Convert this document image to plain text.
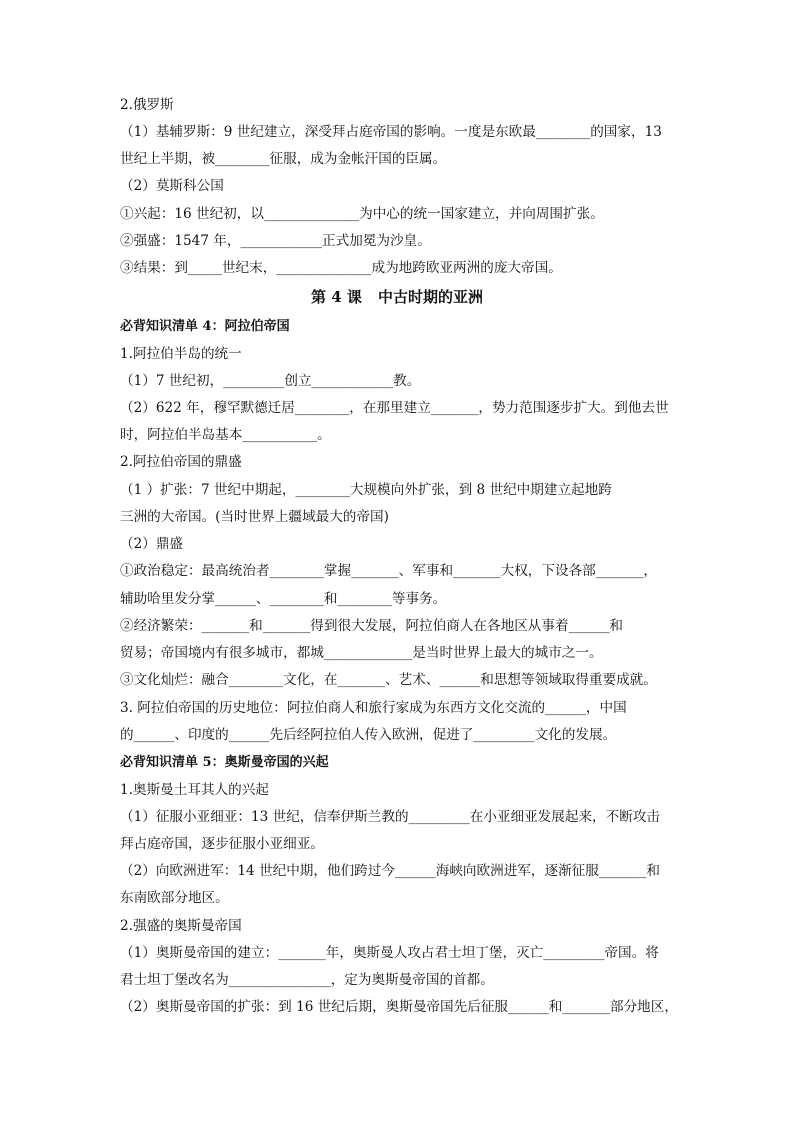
2.俄罗斯
（1）基辅罗斯：9 世纪建立，深受拜占庭帝国的影响。一度是东欧最________的国家，13
世纪上半期，被________征服，成为金帐汗国的臣属。
（2）莫斯科公国
①兴起：16 世纪初，以______________为中心的统一国家建立，并向周围扩张。
②强盛：1547 年，____________正式加冕为沙皇。
③结果：到_____世纪末，______________成为地跨欧亚两洲的庞大帝国。
第 4 课 中古时期的亚洲
必背知识清单 4：阿拉伯帝国
1.阿拉伯半岛的统一
（1）7 世纪初，_________创立____________教。
（2）622 年，穆罕默德迁居________，在那里建立_______，势力范围逐步扩大。到他去世
时，阿拉伯半岛基本___________。
2.阿拉伯帝国的鼎盛
（1 ）扩张：7 世纪中期起，________大规模向外扩张，到 8 世纪中期建立起地跨
三洲的大帝国。(当时世界上疆域最大的帝国)
（2）鼎盛
①政治稳定：最高统治者________掌握_______、军事和_______大权，下设各部_______，
辅助哈里发分掌______、________和________等事务。
②经济繁荣：_______和_______得到很大发展，阿拉伯商人在各地区从事着______和
贸易；帝国境内有很多城市，都城_____________是当时世界上最大的城市之一。
③文化灿烂：融合________文化，在_______、艺术、______和思想等领域取得重要成就。
3. 阿拉伯帝国的历史地位：阿拉伯商人和旅行家成为东西方文化交流的______，中国
的______、印度的______先后经阿拉伯人传入欧洲，促进了_________文化的发展。
必背知识清单 5：奥斯曼帝国的兴起
1.奥斯曼土耳其人的兴起
（1）征服小亚细亚：13 世纪，信奉伊斯兰教的_________在小亚细亚发展起来，不断攻击
拜占庭帝国，逐步征服小亚细亚。
（2）向欧洲进军：14 世纪中期，他们跨过今______海峡向欧洲进军，逐渐征服_______和
东南欧部分地区。
2.强盛的奥斯曼帝国
（1）奥斯曼帝国的建立：_______年，奥斯曼人攻占君士坦丁堡，灭亡_________帝国。将
君士坦丁堡改名为_______________，定为奥斯曼帝国的首都。
（2）奥斯曼帝国的扩张：到 16 世纪后期，奥斯曼帝国先后征服______和_______部分地区，
